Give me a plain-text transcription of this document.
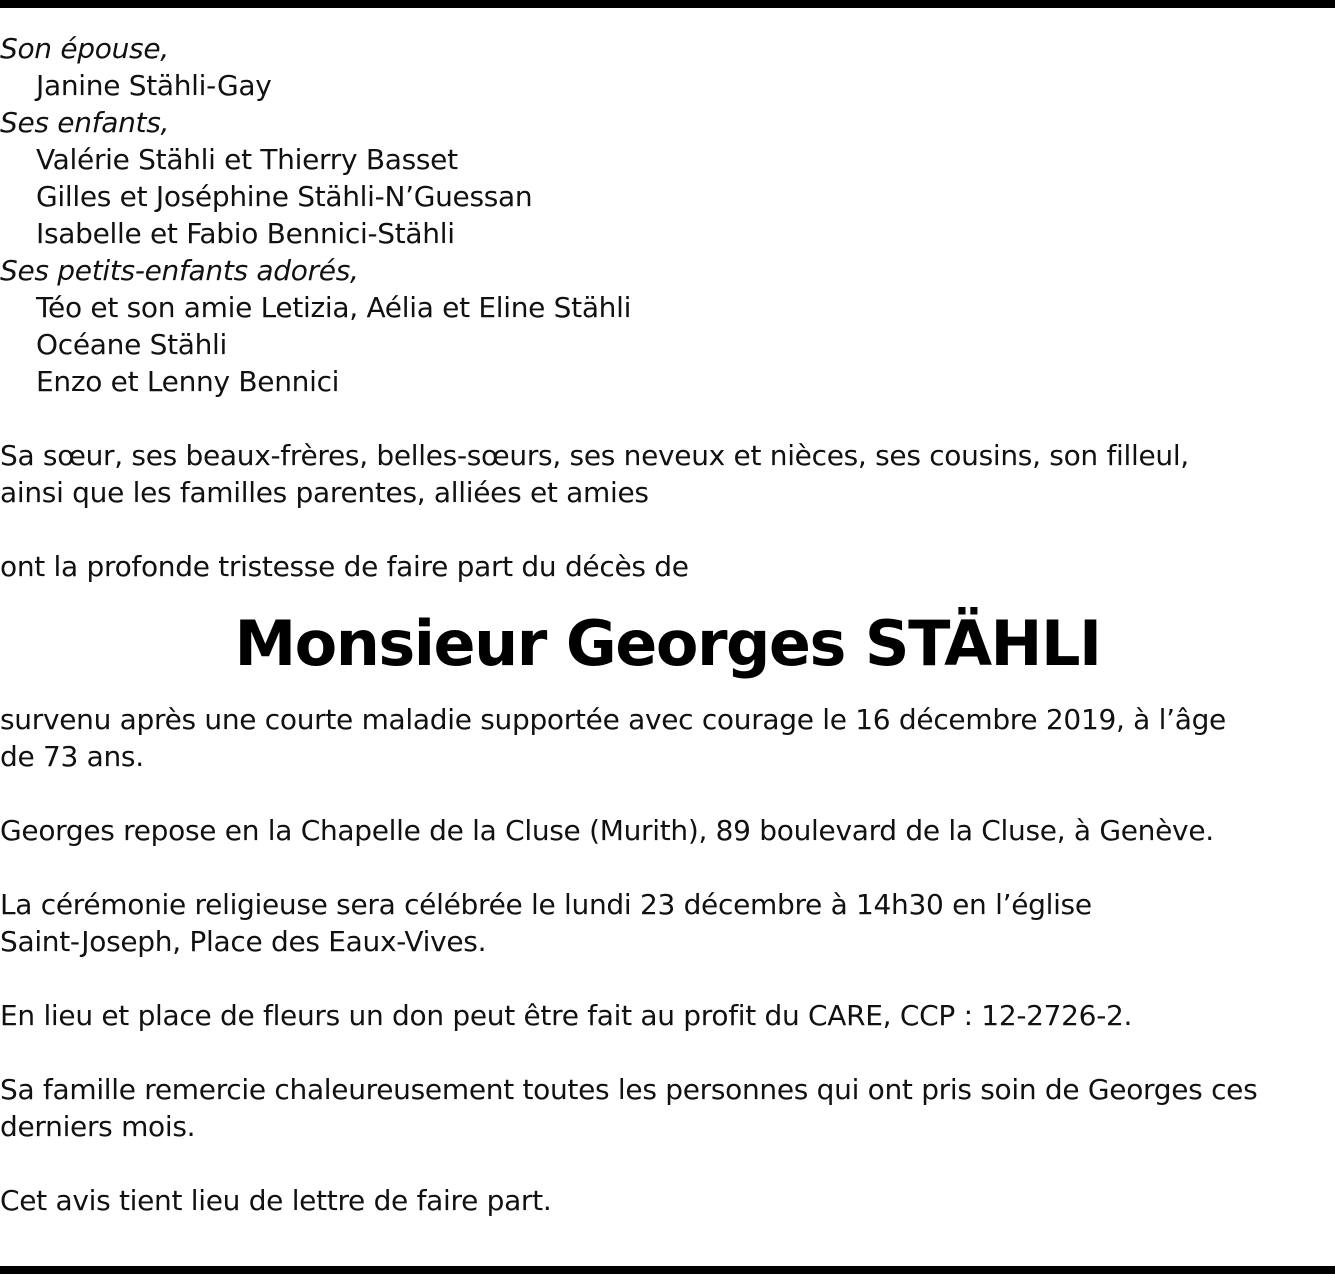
Son épouse,
Janine Stähli-Gay
Ses enfants,
Valérie Stähli et Thierry Basset
Gilles et Joséphine Stähli-N’Guessan
Isabelle et Fabio Bennici-Stähli
Ses petits-enfants adorés,
Téo et son amie Letizia, Aélia et Eline Stähli
Océane Stähli
Enzo et Lenny Bennici
Sa sœur, ses beaux-frères, belles-sœurs, ses neveux et nièces, ses cousins, son filleul,
ainsi que les familles parentes, alliées et amies
ont la profonde tristesse de faire part du décès de
Monsieur Georges STÄHLI
survenu après une courte maladie supportée avec courage le 16 décembre 2019, à l’âge
de 73 ans.
Georges repose en la Chapelle de la Cluse (Murith), 89 boulevard de la Cluse, à Genève.
La cérémonie religieuse sera célébrée le lundi 23 décembre à 14h30 en l’église
Saint-Joseph, Place des Eaux-Vives.
En lieu et place de fleurs un don peut être fait au profit du CARE, CCP : 12-2726-2.
Sa famille remercie chaleureusement toutes les personnes qui ont pris soin de Georges ces
derniers mois.
Cet avis tient lieu de lettre de faire part.
